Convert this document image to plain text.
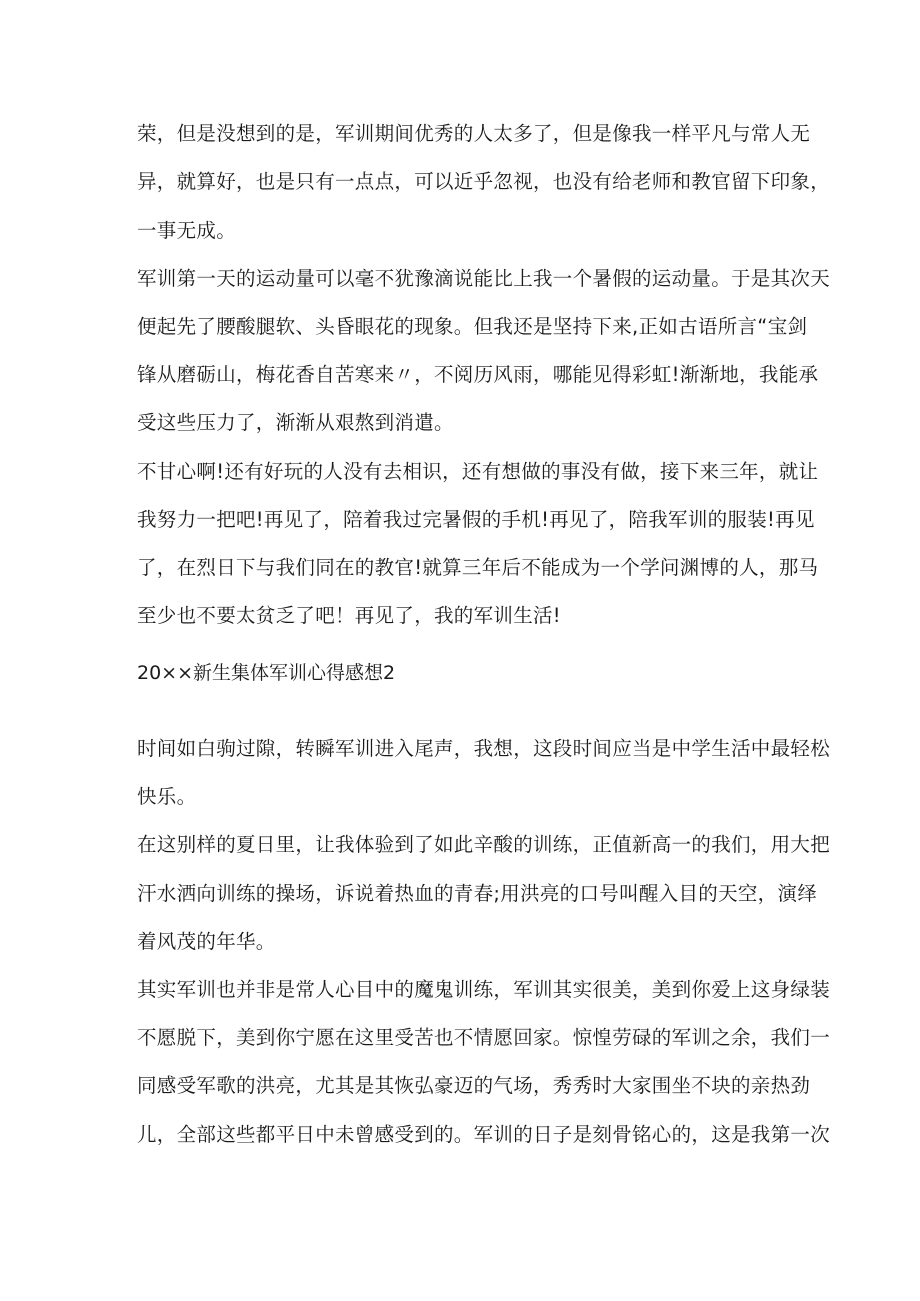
荣，但是没想到的是，军训期间优秀的人太多了，但是像我一样平凡与常人无
异，就算好，也是只有一点点，可以近乎忽视，也没有给老师和教官留下印象，
一事无成。
军训第一天的运动量可以毫不犹豫滴说能比上我一个暑假的运动量。于是其次天
便起先了腰酸腿软、头昏眼花的现象。但我还是坚持下来,正如古语所言“宝剑
锋从磨砺山，梅花香自苦寒来〃，不阅历风雨，哪能见得彩虹!渐渐地，我能承
受这些压力了，渐渐从艰熬到消遣。
不甘心啊!还有好玩的人没有去相识，还有想做的事没有做，接下来三年，就让
我努力一把吧!再见了，陪着我过完暑假的手机!再见了，陪我军训的服装!再见
了，在烈日下与我们同在的教官!就算三年后不能成为一个学问渊博的人，那马
至少也不要太贫乏了吧！再见了，我的军训生活!
20××新生集体军训心得感想2
时间如白驹过隙，转瞬军训进入尾声，我想，这段时间应当是中学生活中最轻松
快乐。
在这别样的夏日里，让我体验到了如此辛酸的训练，正值新高一的我们，用大把
汗水洒向训练的操场，诉说着热血的青春;用洪亮的口号叫醒入目的天空，演绎
着风茂的年华。
其实军训也并非是常人心目中的魔鬼训练，军训其实很美，美到你爱上这身绿装
不愿脱下，美到你宁愿在这里受苦也不情愿回家。惊惶劳碌的军训之余，我们一
同感受军歌的洪亮，尤其是其恢弘豪迈的气场，秀秀时大家围坐不块的亲热劲
儿，全部这些都平日中未曾感受到的。军训的日子是刻骨铭心的，这是我第一次
